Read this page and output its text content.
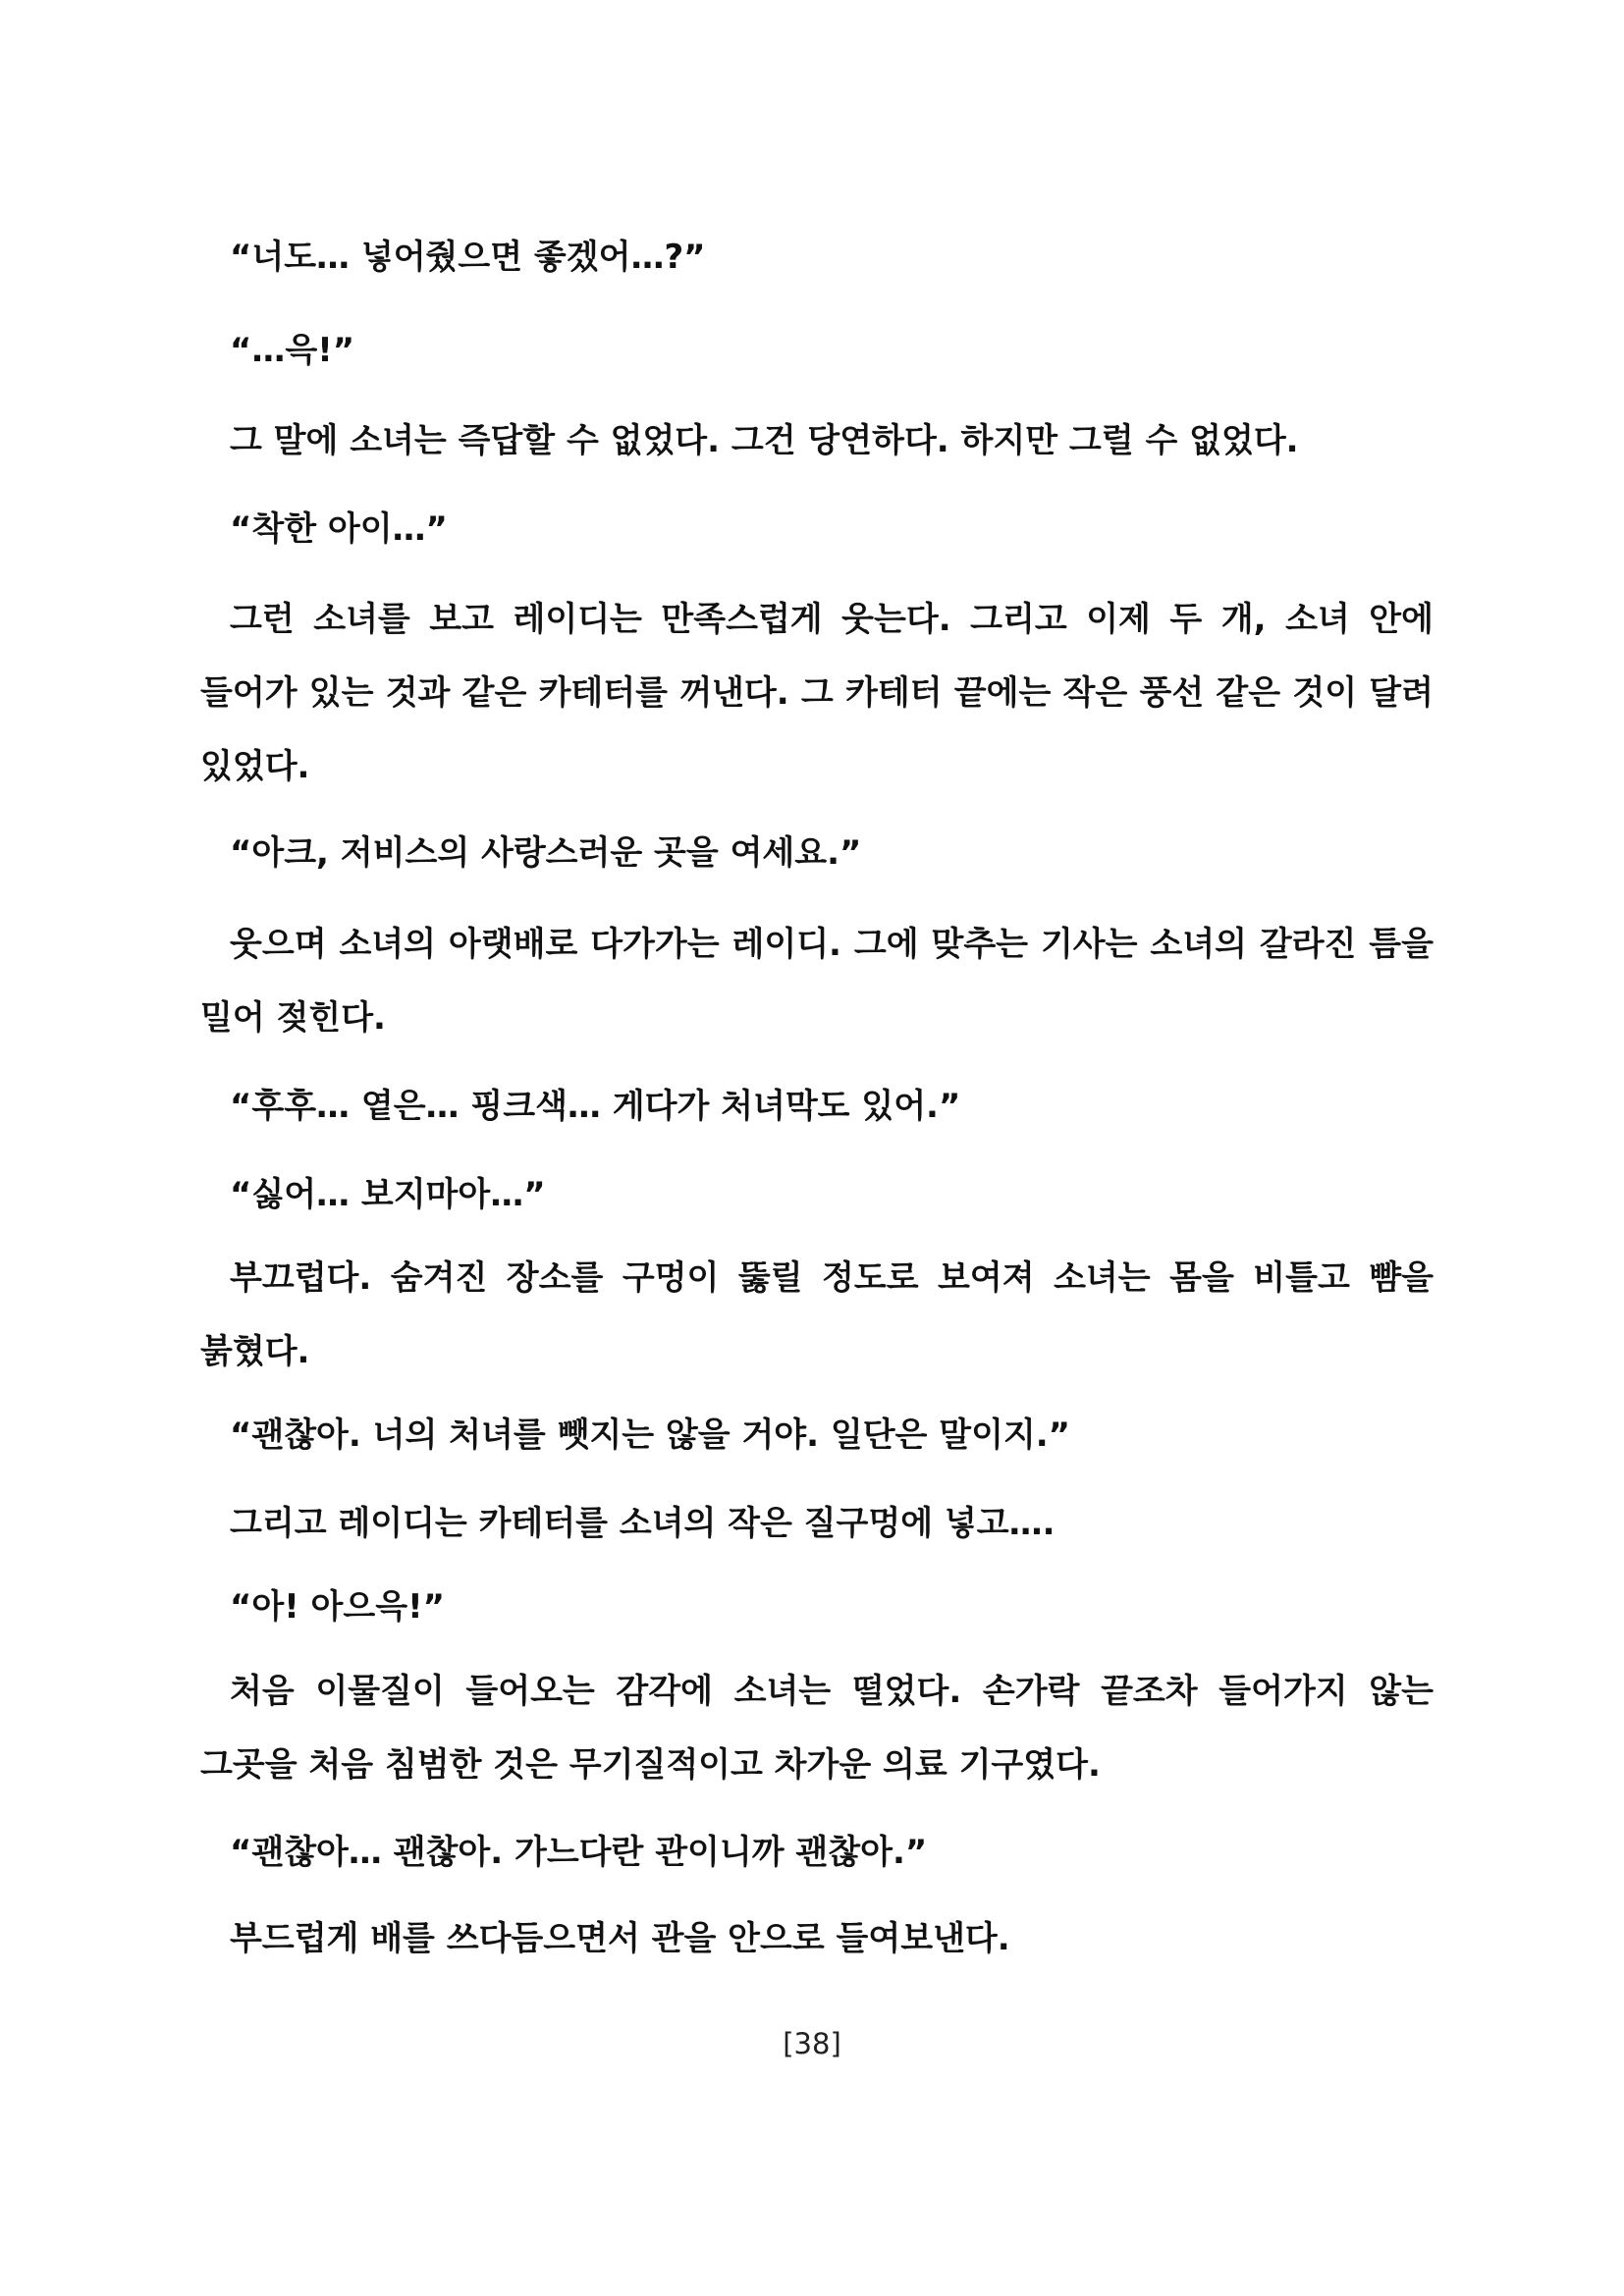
“너도… 넣어줬으면 좋겠어…?”

“…윽!”

그 말에 소녀는 즉답할 수 없었다. 그건 당연하다. 하지만 그럴 수 없었다.

“착한 아이…”

그런 소녀를 보고 레이디는 만족스럽게 웃는다. 그리고 이제 두 개, 소녀 안에 들어가 있는 것과 같은 카테터를 꺼낸다. 그 카테터 끝에는 작은 풍선 같은 것이 달려 있었다.

“아크, 저비스의 사랑스러운 곳을 여세요.”

웃으며 소녀의 아랫배로 다가가는 레이디. 그에 맞추는 기사는 소녀의 갈라진 틈을 밀어 젖힌다.

“후후… 옅은… 핑크색… 게다가 처녀막도 있어.”

“싫어… 보지마아…”

부끄럽다. 숨겨진 장소를 구멍이 뚫릴 정도로 보여져 소녀는 몸을 비틀고 뺨을 붉혔다.

“괜찮아. 너의 처녀를 뺏지는 않을 거야. 일단은 말이지.”

그리고 레이디는 카테터를 소녀의 작은 질구멍에 넣고….

“아! 아으윽!”

처음 이물질이 들어오는 감각에 소녀는 떨었다. 손가락 끝조차 들어가지 않는 그곳을 처음 침범한 것은 무기질적이고 차가운 의료 기구였다.

“괜찮아… 괜찮아. 가느다란 관이니까 괜찮아.”

부드럽게 배를 쓰다듬으면서 관을 안으로 들여보낸다.

[38]
